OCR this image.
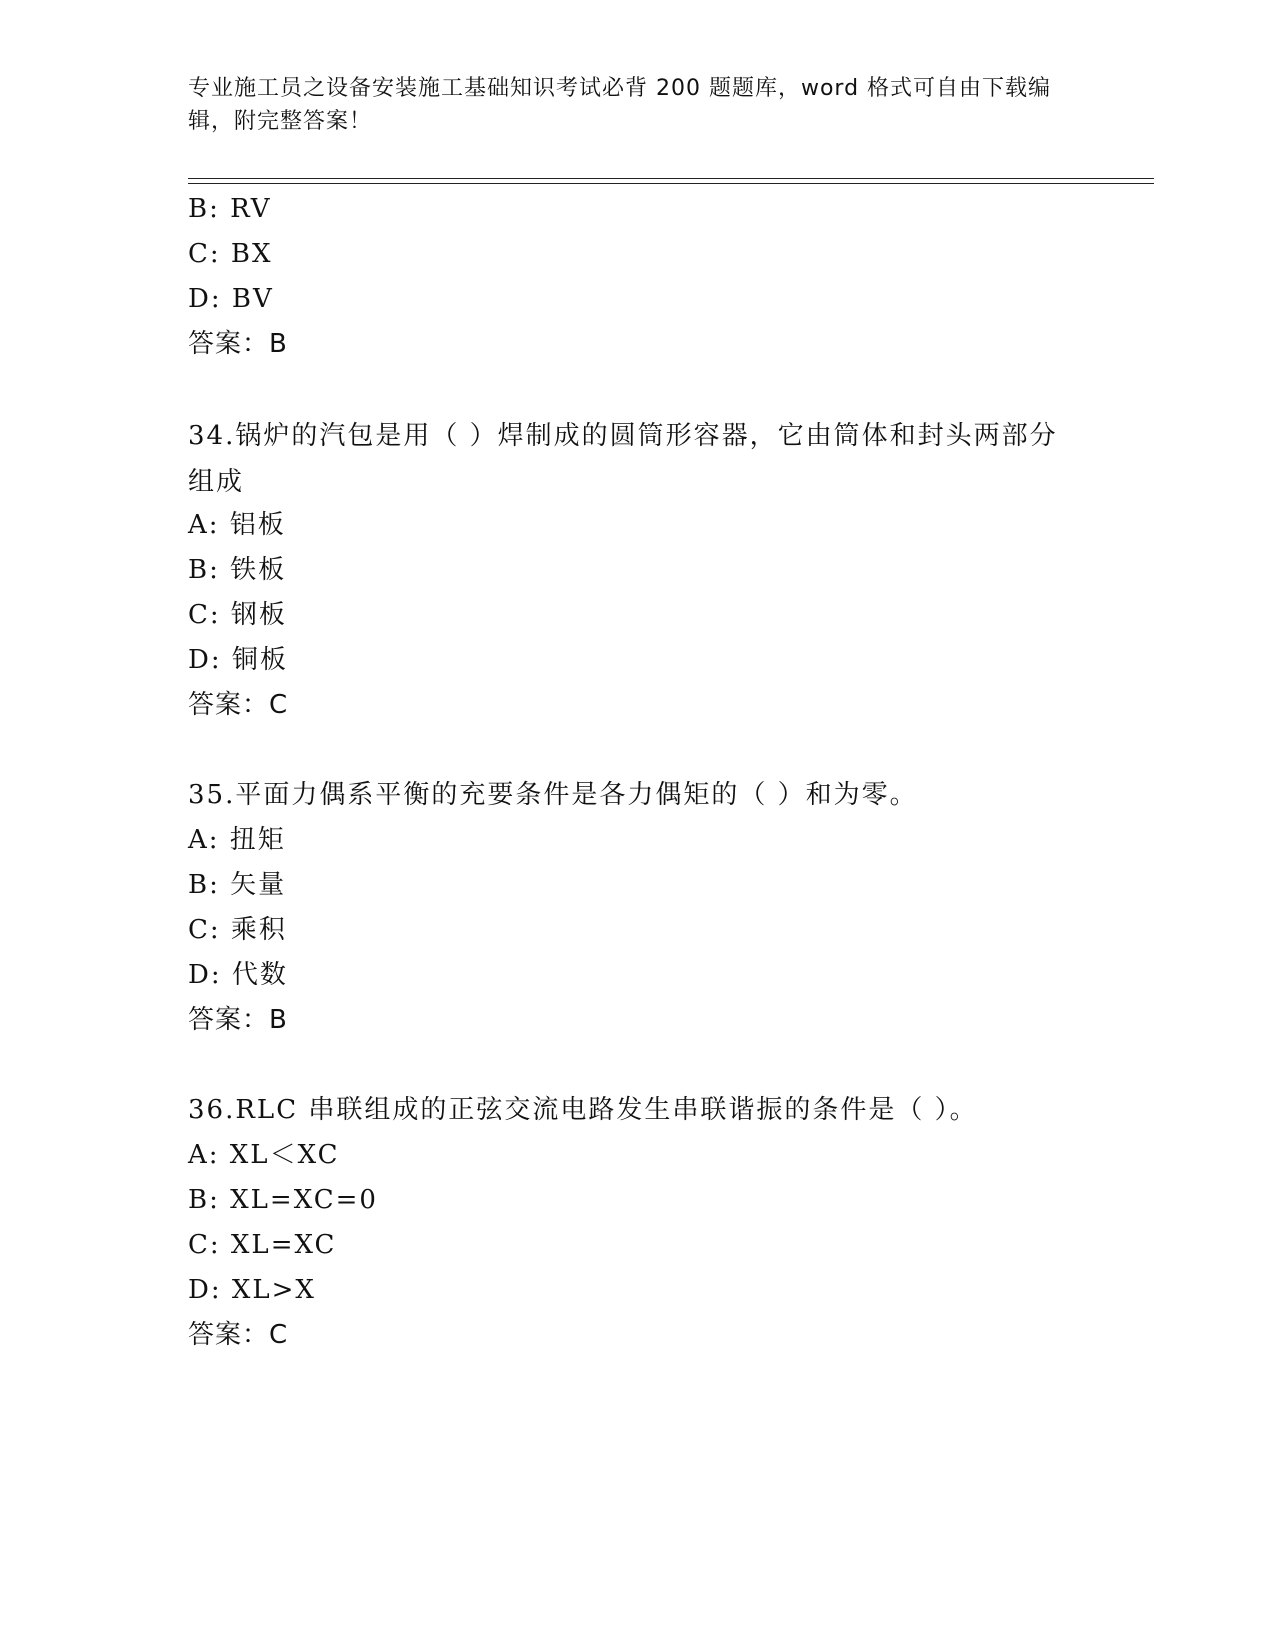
专业施工员之设备安装施工基础知识考试必背 200 题题库，word 格式可自由下载编辑，附完整答案！
B: RV
C: BX
D: BV
答案：B
34.锅炉的汽包是用（ ）焊制成的圆筒形容器，它由筒体和封头两部分组成
A: 铝板
B: 铁板
C: 钢板
D: 铜板
答案：C
35.平面力偶系平衡的充要条件是各力偶矩的（ ）和为零。
A: 扭矩
B: 矢量
C: 乘积
D: 代数
答案：B
36.RLC 串联组成的正弦交流电路发生串联谐振的条件是（ ）。
A: XL＜XC
B: XL=XC=0
C: XL=XC
D: XL>X
答案：C
